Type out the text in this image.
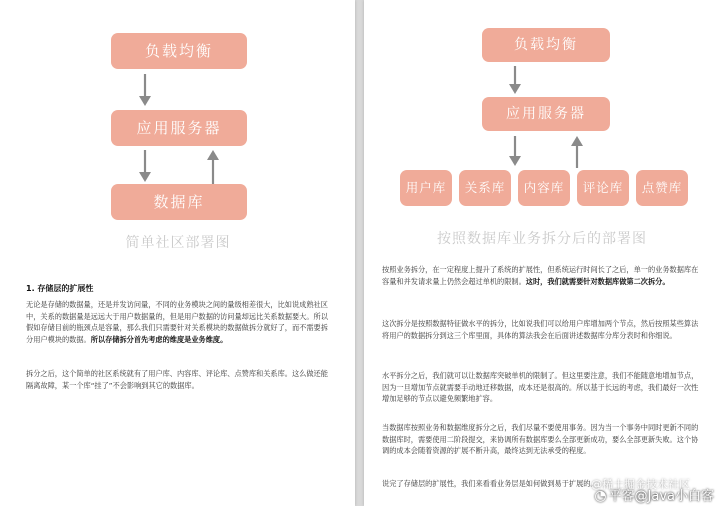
负载均衡
应用服务器
数据库
简单社区部署图
1. 存储层的扩展性

无论是存储的数据量，还是并发访问量，不同的业务模块之间的量级相差很大，比如说成熟社区中，关系的数据量是远远大于用户数据量的，但是用户数据的访问量却远比关系数据要大。所以假如存储目前的瓶颈点是容量，那么我们只需要针对关系模块的数据做拆分就好了，而不需要拆分用户模块的数据。所以存储拆分首先考虑的维度是业务维度。

拆分之后，这个简单的社区系统就有了用户库、内容库、评论库、点赞库和关系库。这么做还能隔离故障，某一个库“挂了”不会影响到其它的数据库。

负载均衡
应用服务器
用户库	关系库	内容库	评论库	点赞库
按照数据库业务拆分后的部署图

按照业务拆分，在一定程度上提升了系统的扩展性，但系统运行时间长了之后，单一的业务数据库在容量和并发请求量上仍然会超过单机的限制。这时，我们就需要针对数据库做第二次拆分。

这次拆分是按照数据特征做水平的拆分，比如说我们可以给用户库增加两个节点，然后按照某些算法将用户的数据拆分到这三个库里面，具体的算法我会在后面讲述数据库分库分表时和你细说。

水平拆分之后，我们就可以让数据库突破单机的限制了。但这里要注意，我们不能随意地增加节点，因为一旦增加节点就需要手动地迁移数据，成本还是很高的。所以基于长远的考虑，我们最好一次性增加足够的节点以避免频繁地扩容。

当数据库按照业务和数据维度拆分之后，我们尽量不要使用事务。因为当一个事务中同时更新不同的数据库时，需要使用二阶段提交，来协调所有数据库要么全部更新成功，要么全部更新失败。这个协调的成本会随着资源的扩展不断升高，最终达到无法承受的程度。

说完了存储层的扩展性，我们来看看业务层是如何做到易于扩展的。

@稀土掘金技术社区
◔ 平客@Java小白客
